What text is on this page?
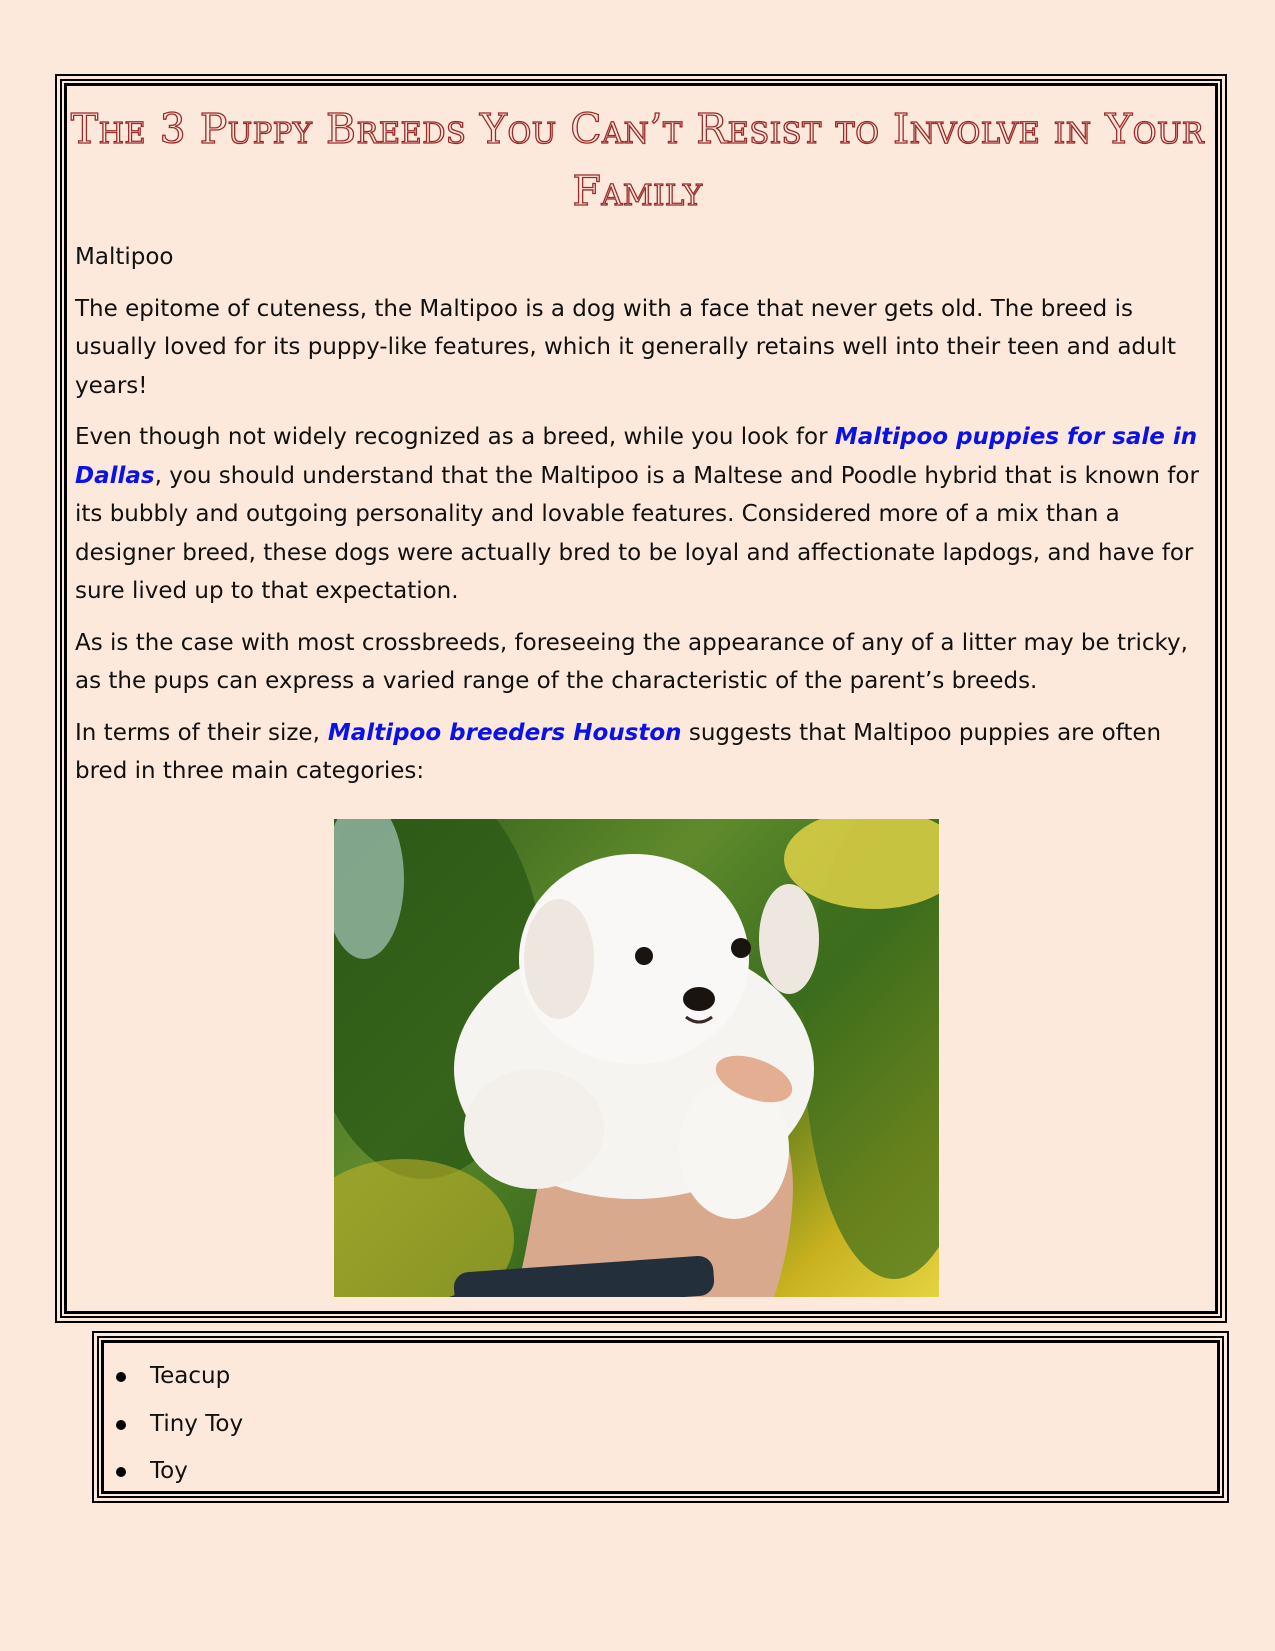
The 3 Puppy Breeds You Can’t Resist to Involve in Your Family

Maltipoo

The epitome of cuteness, the Maltipoo is a dog with a face that never gets old. The breed is usually loved for its puppy-like features, which it generally retains well into their teen and adult years!

Even though not widely recognized as a breed, while you look for Maltipoo puppies for sale in Dallas, you should understand that the Maltipoo is a Maltese and Poodle hybrid that is known for its bubbly and outgoing personality and lovable features. Considered more of a mix than a designer breed, these dogs were actually bred to be loyal and affectionate lapdogs, and have for sure lived up to that expectation.

As is the case with most crossbreeds, foreseeing the appearance of any of a litter may be tricky, as the pups can express a varied range of the characteristic of the parent’s breeds.

In terms of their size, Maltipoo breeders Houston suggests that Maltipoo puppies are often bred in three main categories:

Teacup
Tiny Toy
Toy
